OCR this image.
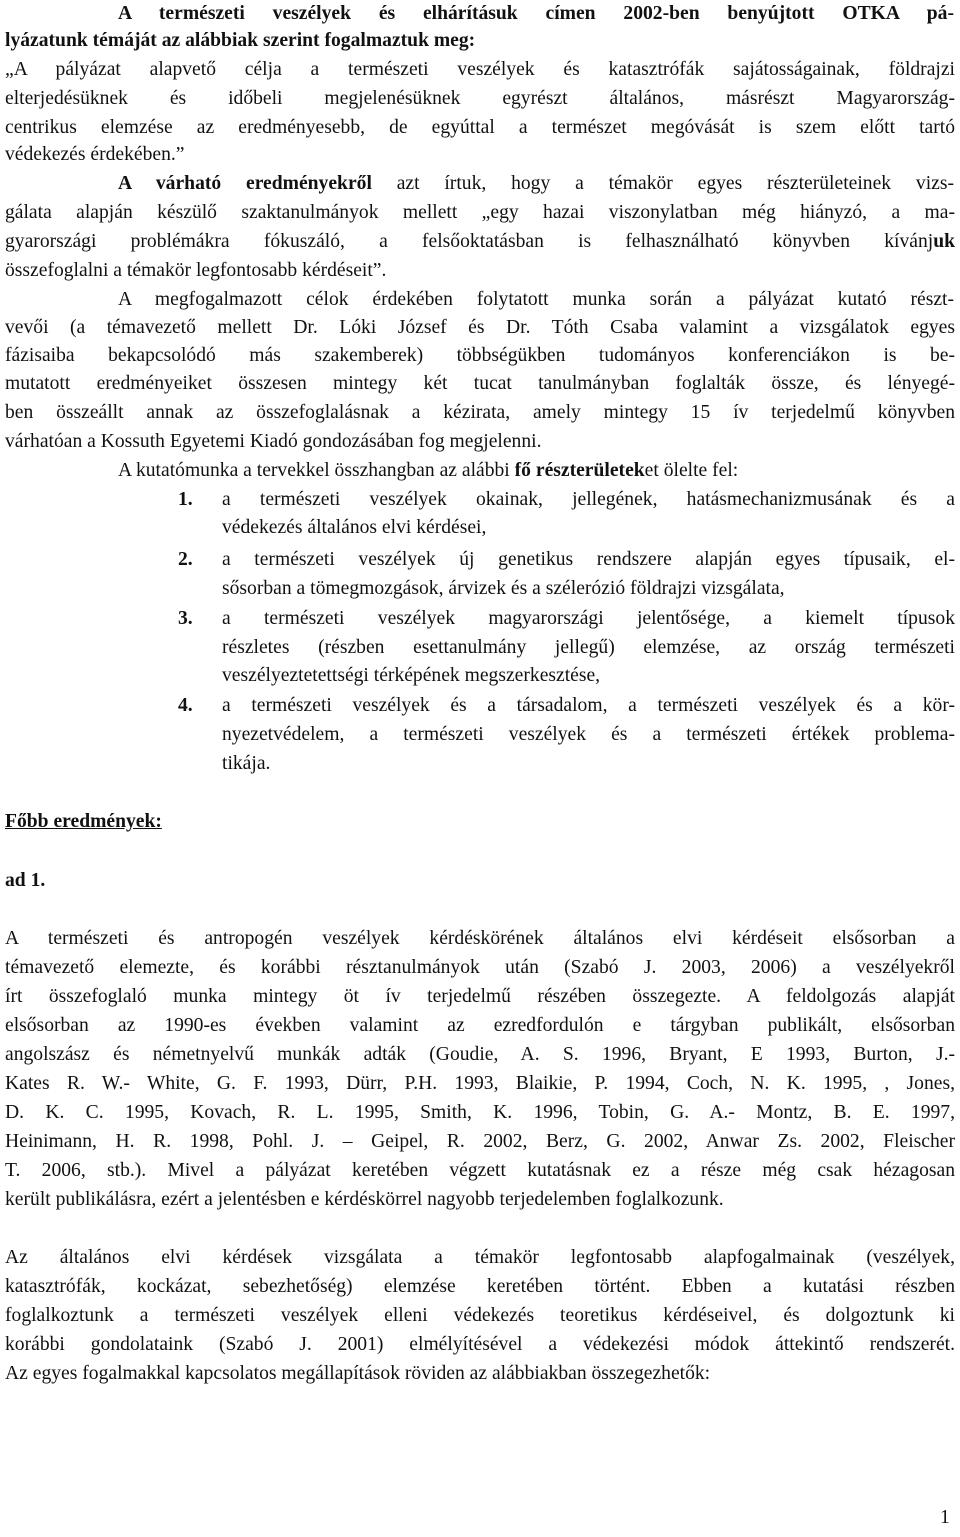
A természeti veszélyek és elhárításuk címen 2002-ben benyújtott OTKA pá-
lyázatunk témáját az alábbiak szerint fogalmaztuk meg:
„A pályázat alapvető célja a természeti veszélyek és katasztrófák sajátosságainak, földrajzi
elterjedésüknek és időbeli megjelenésüknek egyrészt általános, másrészt Magyarország-
centrikus elemzése az eredményesebb, de egyúttal a természet megóvását is szem előtt tartó
védekezés érdekében.”
A várható eredményekről azt írtuk, hogy a témakör egyes részterületeinek vizs-
gálata alapján készülő szaktanulmányok mellett „egy hazai viszonylatban még hiányzó, a ma-
gyarországi problémákra fókuszáló, a felsőoktatásban is felhasználható könyvben kívánjuk
összefoglalni a témakör legfontosabb kérdéseit”.
A megfogalmazott célok érdekében folytatott munka során a pályázat kutató részt-
vevői (a témavezető mellett Dr. Lóki József és Dr. Tóth Csaba valamint a vizsgálatok egyes
fázisaiba bekapcsolódó más szakemberek) többségükben tudományos konferenciákon is be-
mutatott eredményeiket összesen mintegy két tucat tanulmányban foglalták össze, és lényegé-
ben összeállt annak az összefoglalásnak a kézirata, amely mintegy 15 ív terjedelmű könyvben
várhatóan a Kossuth Egyetemi Kiadó gondozásában fog megjelenni.
A kutatómunka a tervekkel összhangban az alábbi fő részterületeket ölelte fel:
1. a természeti veszélyek okainak, jellegének, hatásmechanizmusának és a
védekezés általános elvi kérdései,
2. a természeti veszélyek új genetikus rendszere alapján egyes típusaik, el-
sősorban a tömegmozgások, árvizek és a szélerózió földrajzi vizsgálata,
3. a természeti veszélyek magyarországi jelentősége, a kiemelt típusok
részletes (részben esettanulmány jellegű) elemzése, az ország természeti
veszélyeztetettségi térképének megszerkesztése,
4. a természeti veszélyek és a társadalom, a természeti veszélyek és a kör-
nyezetvédelem, a természeti veszélyek és a természeti értékek problema-
tikája.
Főbb eredmények:
ad 1.
A természeti és antropogén veszélyek kérdéskörének általános elvi kérdéseit elsősorban a
témavezető elemezte, és korábbi résztanulmányok után (Szabó J. 2003, 2006) a veszélyekről
írt összefoglaló munka mintegy öt ív terjedelmű részében összegezte. A feldolgozás alapját
elsősorban az 1990-es években valamint az ezredfordulón e tárgyban publikált, elsősorban
angolszász és németnyelvű munkák adták (Goudie, A. S. 1996, Bryant, E 1993, Burton, J.-
Kates R. W.- White, G. F. 1993, Dürr, P.H. 1993, Blaikie, P. 1994, Coch, N. K. 1995, , Jones,
D. K. C. 1995, Kovach, R. L. 1995, Smith, K. 1996, Tobin, G. A.- Montz, B. E. 1997,
Heinimann, H. R. 1998, Pohl. J. – Geipel, R. 2002, Berz, G. 2002, Anwar Zs. 2002, Fleischer
T. 2006, stb.). Mivel a pályázat keretében végzett kutatásnak ez a része még csak hézagosan
került publikálásra, ezért a jelentésben e kérdéskörrel nagyobb terjedelemben foglalkozunk.
Az általános elvi kérdések vizsgálata a témakör legfontosabb alapfogalmainak (veszélyek,
katasztrófák, kockázat, sebezhetőség) elemzése keretében történt. Ebben a kutatási részben
foglalkoztunk a természeti veszélyek elleni védekezés teoretikus kérdéseivel, és dolgoztunk ki
korábbi gondolataink (Szabó J. 2001) elmélyítésével a védekezési módok áttekintő rendszerét.
Az egyes fogalmakkal kapcsolatos megállapítások röviden az alábbiakban összegezhetők:
1
